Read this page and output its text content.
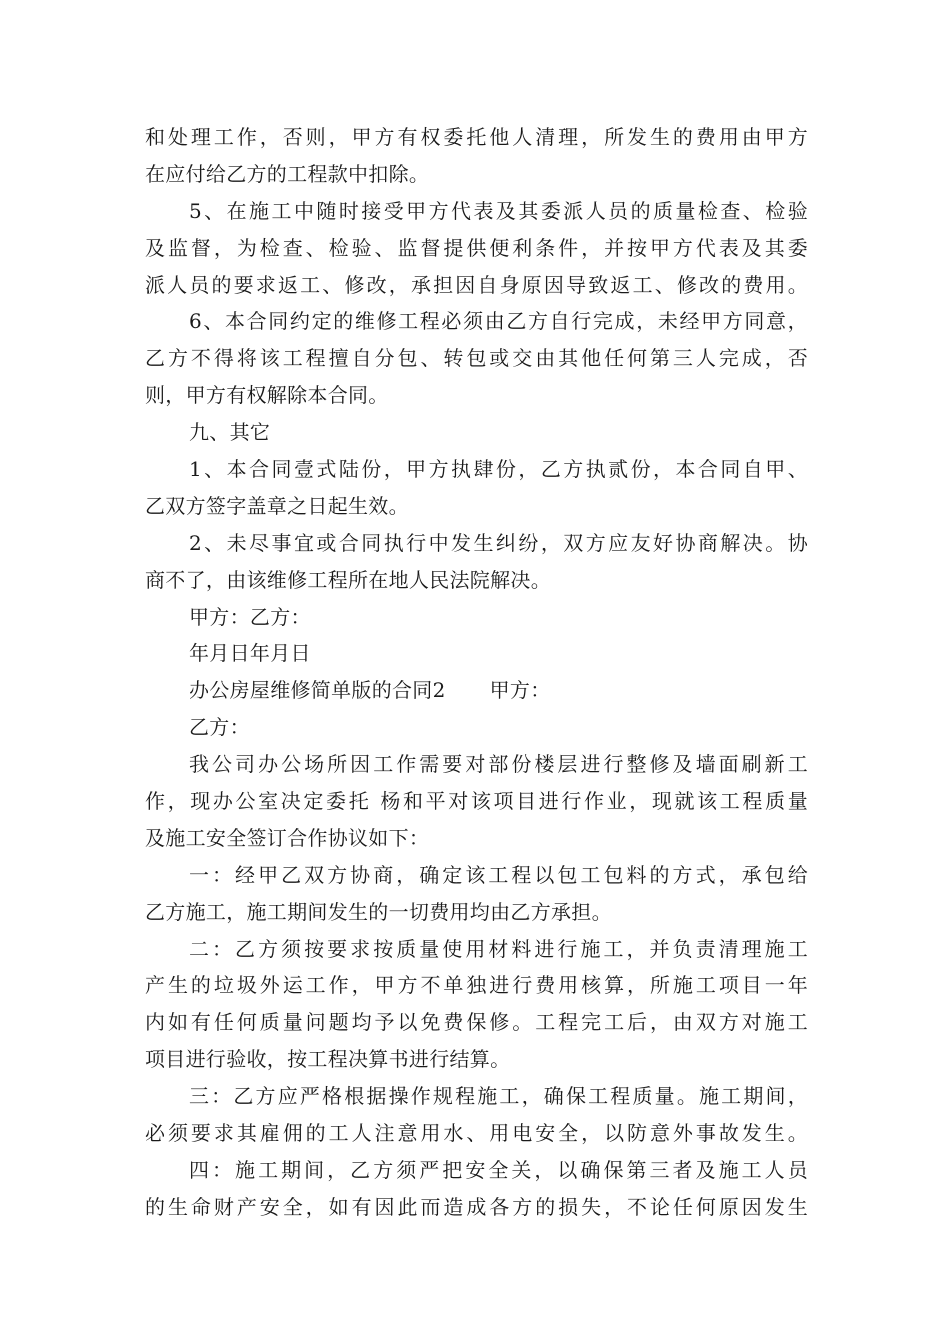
和处理工作，否则，甲方有权委托他人清理，所发生的费用由甲方
在应付给乙方的工程款中扣除。
5、在施工中随时接受甲方代表及其委派人员的质量检查、检验
及监督，为检查、检验、监督提供便利条件，并按甲方代表及其委
派人员的要求返工、修改，承担因自身原因导致返工、修改的费用。
6、本合同约定的维修工程必须由乙方自行完成，未经甲方同意，
乙方不得将该工程擅自分包、转包或交由其他任何第三人完成，否
则，甲方有权解除本合同。
九、其它
1、本合同壹式陆份，甲方执肆份，乙方执贰份，本合同自甲、
乙双方签字盖章之日起生效。
2、未尽事宜或合同执行中发生纠纷，双方应友好协商解决。协
商不了，由该维修工程所在地人民法院解决。
甲方：乙方：
年月日年月日
办公房屋维修简单版的合同2 甲方：
乙方：
我公司办公场所因工作需要对部份楼层进行整修及墙面刷新工
作，现办公室决定委托 杨和平对该项目进行作业，现就该工程质量
及施工安全签订合作协议如下：
一：经甲乙双方协商，确定该工程以包工包料的方式，承包给
乙方施工，施工期间发生的一切费用均由乙方承担。
二：乙方须按要求按质量使用材料进行施工，并负责清理施工
产生的垃圾外运工作，甲方不单独进行费用核算，所施工项目一年
内如有任何质量问题均予以免费保修。工程完工后，由双方对施工
项目进行验收，按工程决算书进行结算。
三：乙方应严格根据操作规程施工，确保工程质量。施工期间，
必须要求其雇佣的工人注意用水、用电安全，以防意外事故发生。
四：施工期间，乙方须严把安全关，以确保第三者及施工人员
的生命财产安全，如有因此而造成各方的损失，不论任何原因发生
